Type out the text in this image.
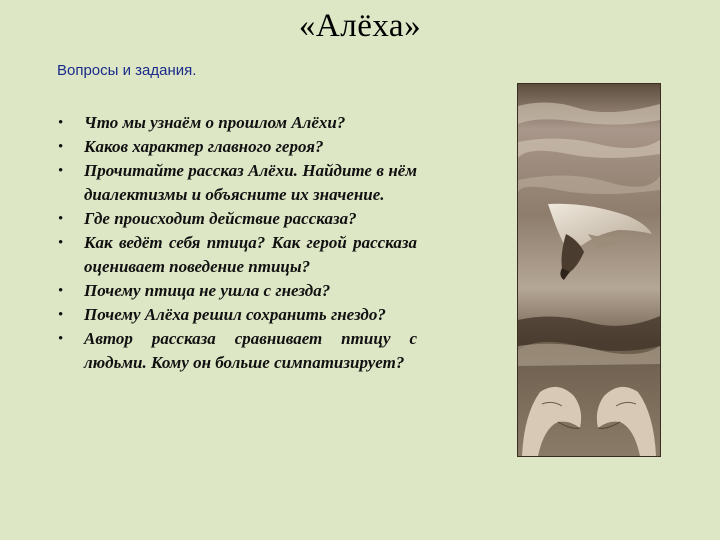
«Алёха»
Вопросы и задания.
• Что мы узнаём о прошлом Алёхи?
• Каков характер главного героя?
• Прочитайте рассказ Алёхи. Найдите в нём диалектизмы и объясните их значение.
• Где происходит действие рассказа?
• Как ведёт себя птица? Как герой рассказа оценивает поведение птицы?
• Почему птица не ушла с гнезда?
• Почему Алёха решил сохранить гнездо?
• Автор рассказа сравнивает птицу с людьми. Кому он больше симпатизирует?
